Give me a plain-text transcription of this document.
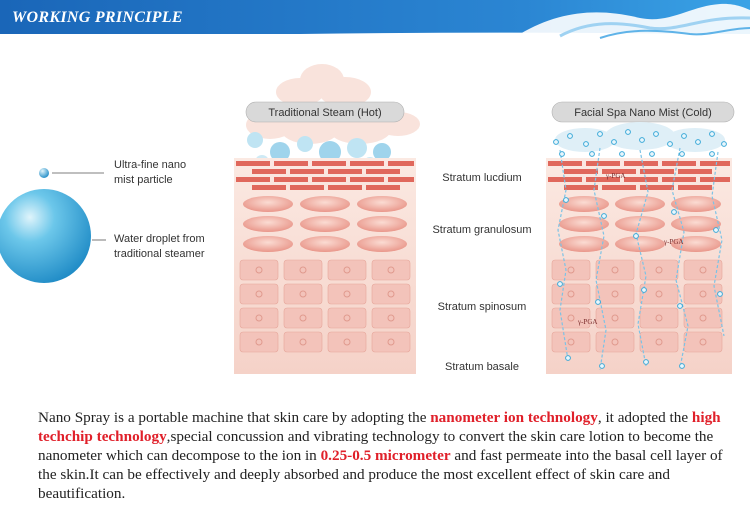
WORKING PRINCIPLE
Ultra-fine nano
mist particle
Water droplet from
traditional steamer
Traditional Steam (Hot)
Stratum lucdium
Stratum granulosum
Stratum spinosum
Stratum basale
Facial Spa Nano Mist (Cold)
γ-PGA
γ-PGA
γ-PGA

Nano Spray is a portable machine that skin care by adopting the nanometer ion technology, it adopted the high techchip technology,special concussion and vibrating technology to convert the skin care lotion to become the nanometer which can decompose to the ion in 0.25-0.5 micrometer and fast permeate into the basal cell layer of the skin.It can be effectively and deeply absorbed and produce the most excellent effect of skin care and beautification.
